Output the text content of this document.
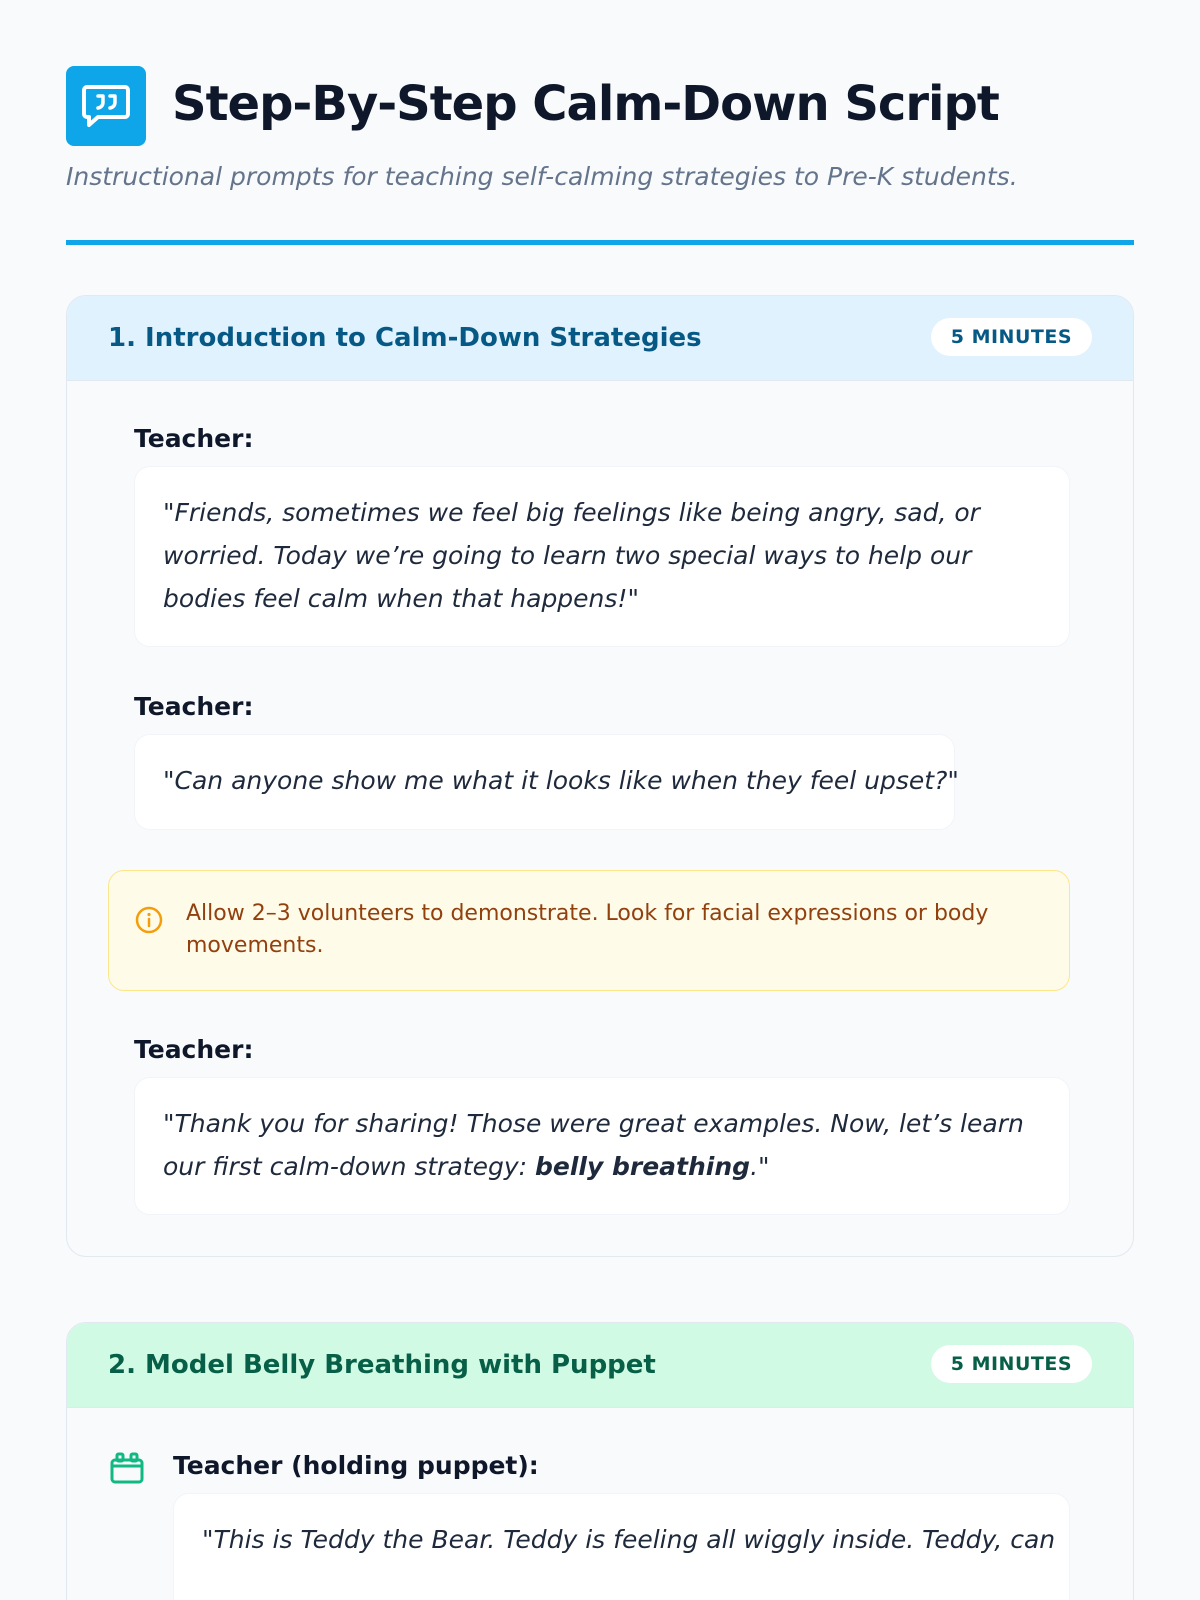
Step-By-Step Calm-Down Script

Instructional prompts for teaching self-calming strategies to Pre-K students.

1. Introduction to Calm-Down Strategies	5 MINUTES

Teacher:

"Friends, sometimes we feel big feelings like being angry, sad, or worried. Today we’re going to learn two special ways to help our bodies feel calm when that happens!"

Teacher:

"Can anyone show me what it looks like when they feel upset?"
Allow 2–3 volunteers to demonstrate. Look for facial expressions or body movements.

Teacher:

"Thank you for sharing! Those were great examples. Now, let’s learn our first calm-down strategy: belly breathing."
2. Model Belly Breathing with Puppet	5 MINUTES

Teacher (holding puppet):

"This is Teddy the Bear. Teddy is feeling all wiggly inside. Teddy, can
